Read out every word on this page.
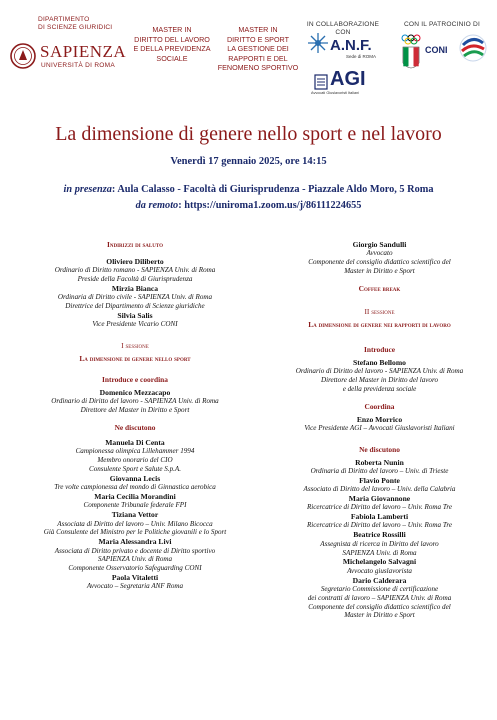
DIPARTIMENTO
DI SCIENZE GIURIDICI
SAPIENZA
UNIVERSITÀ DI ROMA
MASTER IN
DIRITTO DEL LAVORO
E DELLA PREVIDENZA
SOCIALE
MASTER IN
DIRITTO E SPORT
LA GESTIONE DEI
RAPPORTI E DEL
FENOMENO SPORTIVO
IN COLLABORAZIONE CON
A.N.F.
Sede di ROMA
AGI
Avvocati Giuslavoristi Italiani
CON IL PATROCINIO DI
CONI
La dimensione di genere nello sport e nel lavoro
Venerdì 17 gennaio 2025, ore 14:15
in presenza: Aula Calasso - Facoltà di Giurisprudenza - Piazzale Aldo Moro, 5 Roma
da remoto: https://uniroma1.zoom.us/j/86111224655
Indirizzi di saluto
Oliviero Diliberto
Ordinario di Diritto romano - SAPIENZA Univ. di Roma
Preside della Facoltà di Giurisprudenza
Mirzia Bianca
Ordinaria di Diritto civile - SAPIENZA Univ. di Roma
Direttrice del Dipartimento di Scienze giuridiche
Silvia Salis
Vice Presidente Vicario CONI
I sessione
La dimensione di genere nello sport
Introduce e coordina
Domenico Mezzacapo
Ordinario di Diritto del lavoro - SAPIENZA Univ. di Roma
Direttore del Master in Diritto e Sport
Ne discutono
Manuela Di Centa
Campionessa olimpica Lillehammer 1994
Membro onorario del CIO
Consulente Sport e Salute S.p.A.
Giovanna Lecis
Tre volte campionessa del mondo di Ginnastica aerobica
Maria Cecilia Morandini
Componente Tribunale federale FPI
Tiziana Vettor
Associata di Diritto del lavoro – Univ. Milano Bicocca
Già Consulente del Ministro per le Politiche giovanili e lo Sport
Maria Alessandra Livi
Associata di Diritto privato e docente di Diritto sportivo
SAPIENZA Univ. di Roma
Componente Osservatorio Safeguarding CONI
Paola Vitaletti
Avvocato – Segretaria ANF Roma
Giorgio Sandulli
Avvocato
Componente del consiglio didattico scientifico del
Master in Diritto e Sport
Coffee break
II sessione
La dimensione di genere nei rapporti di lavoro
Introduce
Stefano Bellomo
Ordinario di Diritto del lavoro - SAPIENZA Univ. di Roma
Direttore del Master in Diritto del lavoro
e della previdenza sociale
Coordina
Enzo Morrico
Vice Presidente AGI – Avvocati Giuslavoristi Italiani
Ne discutono
Roberta Nunin
Ordinaria di Diritto del lavoro – Univ. di Trieste
Flavio Ponte
Associato di Diritto del lavoro – Univ. della Calabria
Maria Giovannone
Ricercatrice di Diritto del lavoro – Univ. Roma Tre
Fabiola Lamberti
Ricercatrice di Diritto del lavoro – Univ. Roma Tre
Beatrice Rossilli
Assegnista di ricerca in Diritto del lavoro
SAPIENZA Univ. di Roma
Michelangelo Salvagni
Avvocato giuslavorista
Dario Calderara
Segretario Commissione di certificazione
dei contratti di lavoro – SAPIENZA Univ. di Roma
Componente del consiglio didattico scientifico del
Master in Diritto e Sport
